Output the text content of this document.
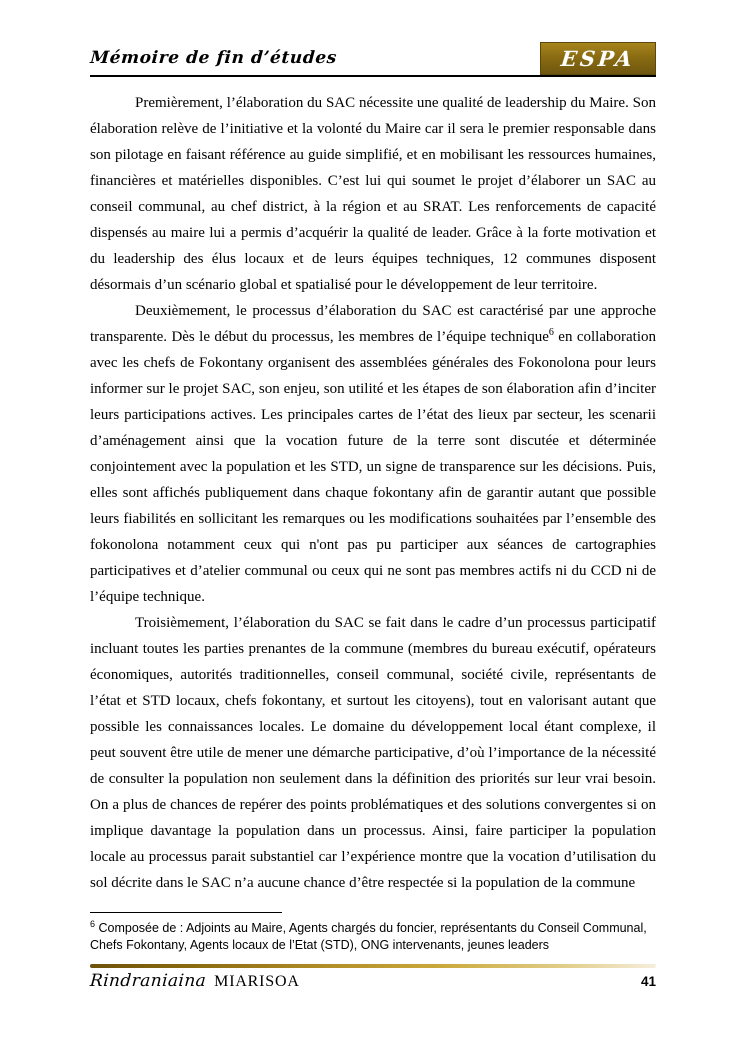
Mémoire de fin d’études	ESPA

Premièrement, l’élaboration du SAC nécessite une qualité de leadership du Maire. Son élaboration relève de l’initiative et la volonté du Maire car il sera le premier responsable dans son pilotage en faisant référence au guide simplifié, et en mobilisant les ressources humaines, financières et matérielles disponibles. C’est lui qui soumet le projet d’élaborer un SAC au conseil communal, au chef district, à la région et au SRAT. Les renforcements de capacité dispensés au maire lui a permis d’acquérir la qualité de leader. Grâce à la forte motivation et du leadership des élus locaux et de leurs équipes techniques, 12 communes disposent désormais d’un scénario global et spatialisé pour le développement de leur territoire.

Deuxièmement, le processus d’élaboration du SAC est caractérisé par une approche transparente. Dès le début du processus, les membres de l’équipe technique$^6$ en collaboration avec les chefs de Fokontany organisent des assemblées générales des Fokonolona pour leurs informer sur le projet SAC, son enjeu, son utilité et les étapes de son élaboration afin d’inciter leurs participations actives. Les principales cartes de l’état des lieux par secteur, les scenarii d’aménagement ainsi que la vocation future de la terre sont discutée et déterminée conjointement avec la population et les STD, un signe de transparence sur les décisions. Puis, elles sont affichés publiquement dans chaque fokontany afin de garantir autant que possible leurs fiabilités en sollicitant les remarques ou les modifications souhaitées par l’ensemble des fokonolona notamment ceux qui n'ont pas pu participer aux séances de cartographies participatives et d’atelier communal ou ceux qui ne sont pas membres actifs ni du CCD ni de l’équipe technique.

Troisièmement, l’élaboration du SAC se fait dans le cadre d’un processus participatif incluant toutes les parties prenantes de la commune (membres du bureau exécutif, opérateurs économiques, autorités traditionnelles, conseil communal, société civile, représentants de l’état et STD locaux, chefs fokontany, et surtout les citoyens), tout en valorisant autant que possible les connaissances locales. Le domaine du développement local étant complexe, il peut souvent être utile de mener une démarche participative, d’où l’importance de la nécessité de consulter la population non seulement dans la définition des priorités sur leur vrai besoin. On a plus de chances de repérer des points problématiques et des solutions convergentes si on implique davantage la population dans un processus. Ainsi, faire participer la population locale au processus parait substantiel car l’expérience montre que la vocation d’utilisation du sol décrite dans le SAC n’a aucune chance d’être respectée si la population de la commune

$^6$ Composée de : Adjoints au Maire, Agents chargés du foncier, représentants du Conseil Communal, Chefs Fokontany, Agents locaux de l’Etat (STD), ONG intervenants, jeunes leaders

Rindraniaina MIARISOA	41
